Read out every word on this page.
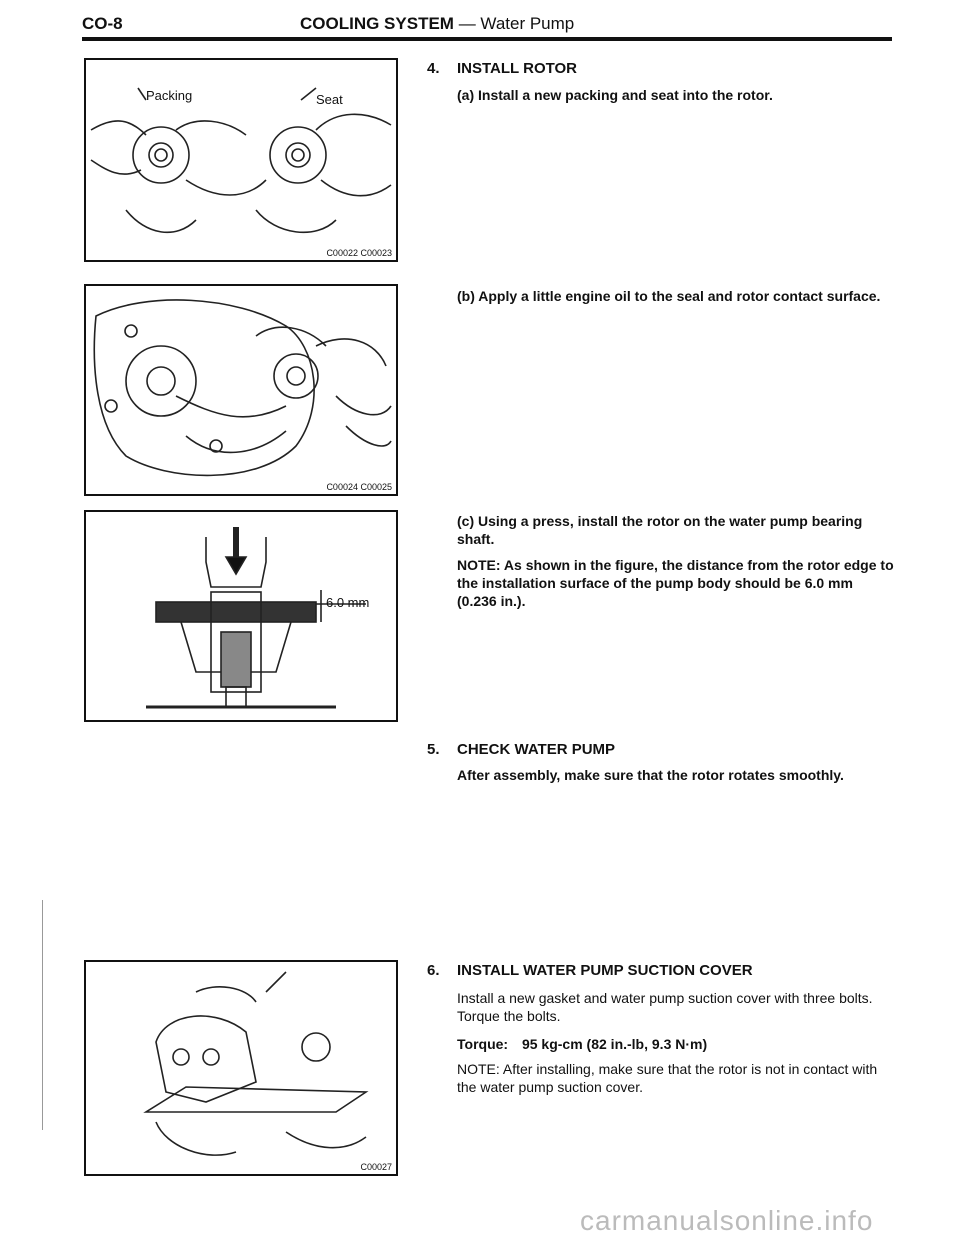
CO-8	COOLING SYSTEM — Water Pump
Packing	Seat
C00022 C00023
C00024 C00025
6.0 mm
C00027
4. INSTALL ROTOR
(a) Install a new packing and seat into the rotor.
(b) Apply a little engine oil to the seal and rotor contact surface.
(c) Using a press, install the rotor on the water pump bearing shaft.
NOTE: As shown in the figure, the distance from the rotor edge to the installation surface of the pump body should be 6.0 mm (0.236 in.).
5. CHECK WATER PUMP
After assembly, make sure that the rotor rotates smoothly.
6. INSTALL WATER PUMP SUCTION COVER
Install a new gasket and water pump suction cover with three bolts. Torque the bolts.
Torque: 95 kg-cm (82 in.-lb, 9.3 N·m)
NOTE: After installing, make sure that the rotor is not in contact with the water pump suction cover.
carmanualsonline.info
